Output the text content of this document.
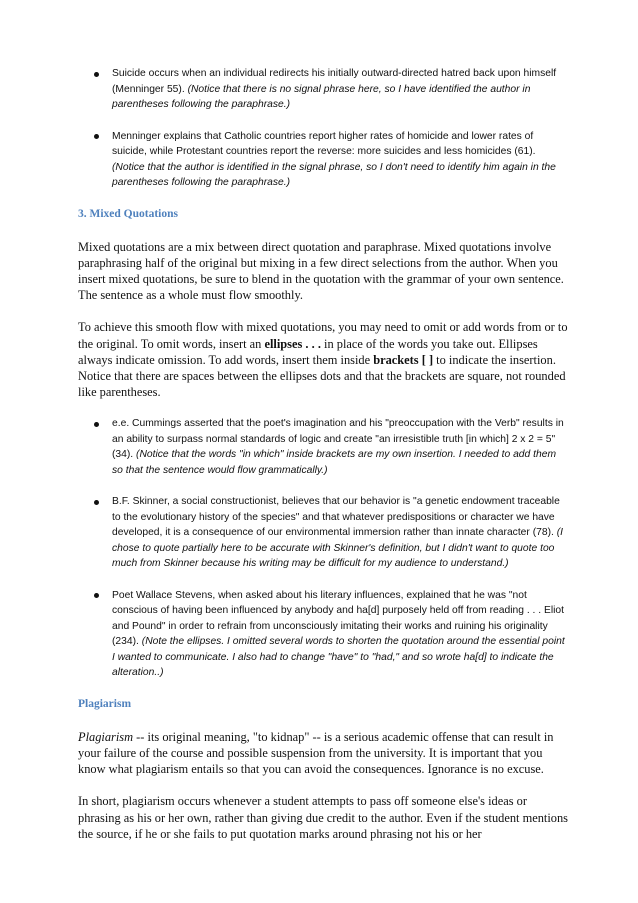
Suicide occurs when an individual redirects his initially outward-directed hatred back upon himself (Menninger 55). (Notice that there is no signal phrase here, so I have identified the author in parentheses following the paraphrase.)
Menninger explains that Catholic countries report higher rates of homicide and lower rates of suicide, while Protestant countries report the reverse: more suicides and less homicides (61). (Notice that the author is identified in the signal phrase, so I don't need to identify him again in the parentheses following the paraphrase.)
3. Mixed Quotations

Mixed quotations are a mix between direct quotation and paraphrase. Mixed quotations involve paraphrasing half of the original but mixing in a few direct selections from the author. When you insert mixed quotations, be sure to blend in the quotation with the grammar of your own sentence. The sentence as a whole must flow smoothly.

To achieve this smooth flow with mixed quotations, you may need to omit or add words from or to the original. To omit words, insert an ellipses . . . in place of the words you take out. Ellipses always indicate omission. To add words, insert them inside brackets [ ] to indicate the insertion. Notice that there are spaces between the ellipses dots and that the brackets are square, not rounded like parentheses.

e.e. Cummings asserted that the poet's imagination and his "preoccupation with the Verb" results in an ability to surpass normal standards of logic and create "an irresistible truth [in which] 2 x 2 = 5" (34). (Notice that the words "in which" inside brackets are my own insertion. I needed to add them so that the sentence would flow grammatically.)
B.F. Skinner, a social constructionist, believes that our behavior is "a genetic endowment traceable to the evolutionary history of the species" and that whatever predispositions or character we have developed, it is a consequence of our environmental immersion rather than innate character (78). (I chose to quote partially here to be accurate with Skinner's definition, but I didn't want to quote too much from Skinner because his writing may be difficult for my audience to understand.)
Poet Wallace Stevens, when asked about his literary influences, explained that he was "not conscious of having been influenced by anybody and ha[d] purposely held off from reading . . . Eliot and Pound" in order to refrain from unconsciously imitating their works and ruining his originality (234). (Note the ellipses. I omitted several words to shorten the quotation around the essential point I wanted to communicate. I also had to change "have" to "had," and so wrote ha[d] to indicate the alteration..)
Plagiarism

Plagiarism -- its original meaning, "to kidnap" -- is a serious academic offense that can result in your failure of the course and possible suspension from the university. It is important that you know what plagiarism entails so that you can avoid the consequences. Ignorance is no excuse.

In short, plagiarism occurs whenever a student attempts to pass off someone else's ideas or phrasing as his or her own, rather than giving due credit to the author. Even if the student mentions the source, if he or she fails to put quotation marks around phrasing not his or her
